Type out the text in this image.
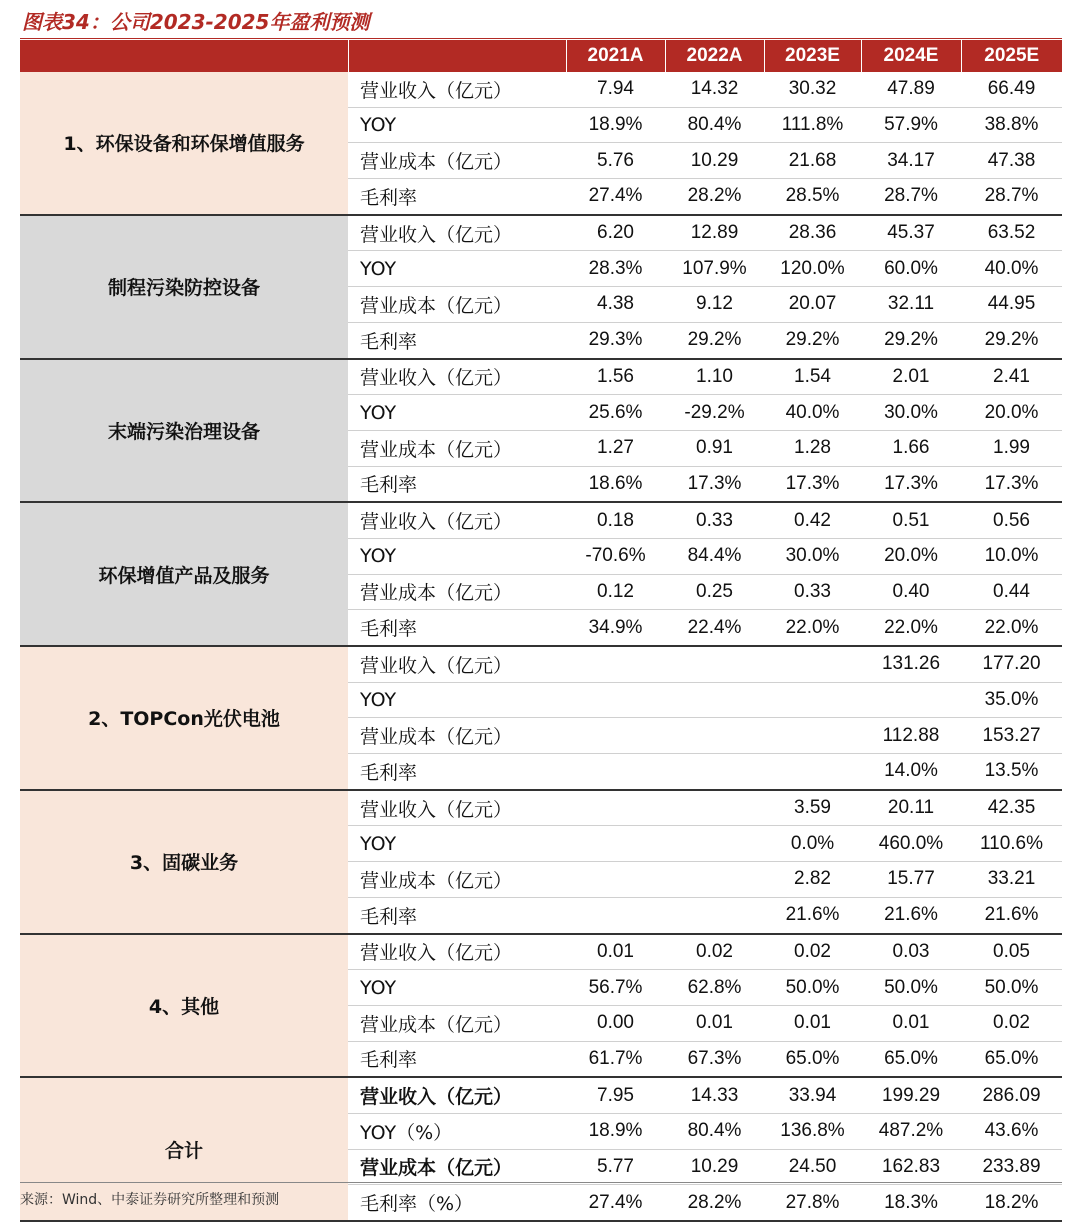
图表34：公司2023-2025年盈利预测
		2021A	2022A	2023E	2024E	2025E
1、环保设备和环保增值服务	营业收入（亿元）	7.94	14.32	30.32	47.89	66.49
	YOY	18.9%	80.4%	111.8%	57.9%	38.8%
	营业成本（亿元）	5.76	10.29	21.68	34.17	47.38
	毛利率	27.4%	28.2%	28.5%	28.7%	28.7%
制程污染防控设备	营业收入（亿元）	6.20	12.89	28.36	45.37	63.52
	YOY	28.3%	107.9%	120.0%	60.0%	40.0%
	营业成本（亿元）	4.38	9.12	20.07	32.11	44.95
	毛利率	29.3%	29.2%	29.2%	29.2%	29.2%
末端污染治理设备	营业收入（亿元）	1.56	1.10	1.54	2.01	2.41
	YOY	25.6%	-29.2%	40.0%	30.0%	20.0%
	营业成本（亿元）	1.27	0.91	1.28	1.66	1.99
	毛利率	18.6%	17.3%	17.3%	17.3%	17.3%
环保增值产品及服务	营业收入（亿元）	0.18	0.33	0.42	0.51	0.56
	YOY	-70.6%	84.4%	30.0%	20.0%	10.0%
	营业成本（亿元）	0.12	0.25	0.33	0.40	0.44
	毛利率	34.9%	22.4%	22.0%	22.0%	22.0%
2、TOPCon光伏电池	营业收入（亿元）				131.26	177.20
	YOY					35.0%
	营业成本（亿元）				112.88	153.27
	毛利率				14.0%	13.5%
3、固碳业务	营业收入（亿元）			3.59	20.11	42.35
	YOY			0.0%	460.0%	110.6%
	营业成本（亿元）			2.82	15.77	33.21
	毛利率			21.6%	21.6%	21.6%
4、其他	营业收入（亿元）	0.01	0.02	0.02	0.03	0.05
	YOY	56.7%	62.8%	50.0%	50.0%	50.0%
	营业成本（亿元）	0.00	0.01	0.01	0.01	0.02
	毛利率	61.7%	67.3%	65.0%	65.0%	65.0%
合计	营业收入（亿元）	7.95	14.33	33.94	199.29	286.09
	YOY（%）	18.9%	80.4%	136.8%	487.2%	43.6%
	营业成本（亿元）	5.77	10.29	24.50	162.83	233.89
	毛利率（%）	27.4%	28.2%	27.8%	18.3%	18.2%
来源：Wind、中泰证券研究所整理和预测
